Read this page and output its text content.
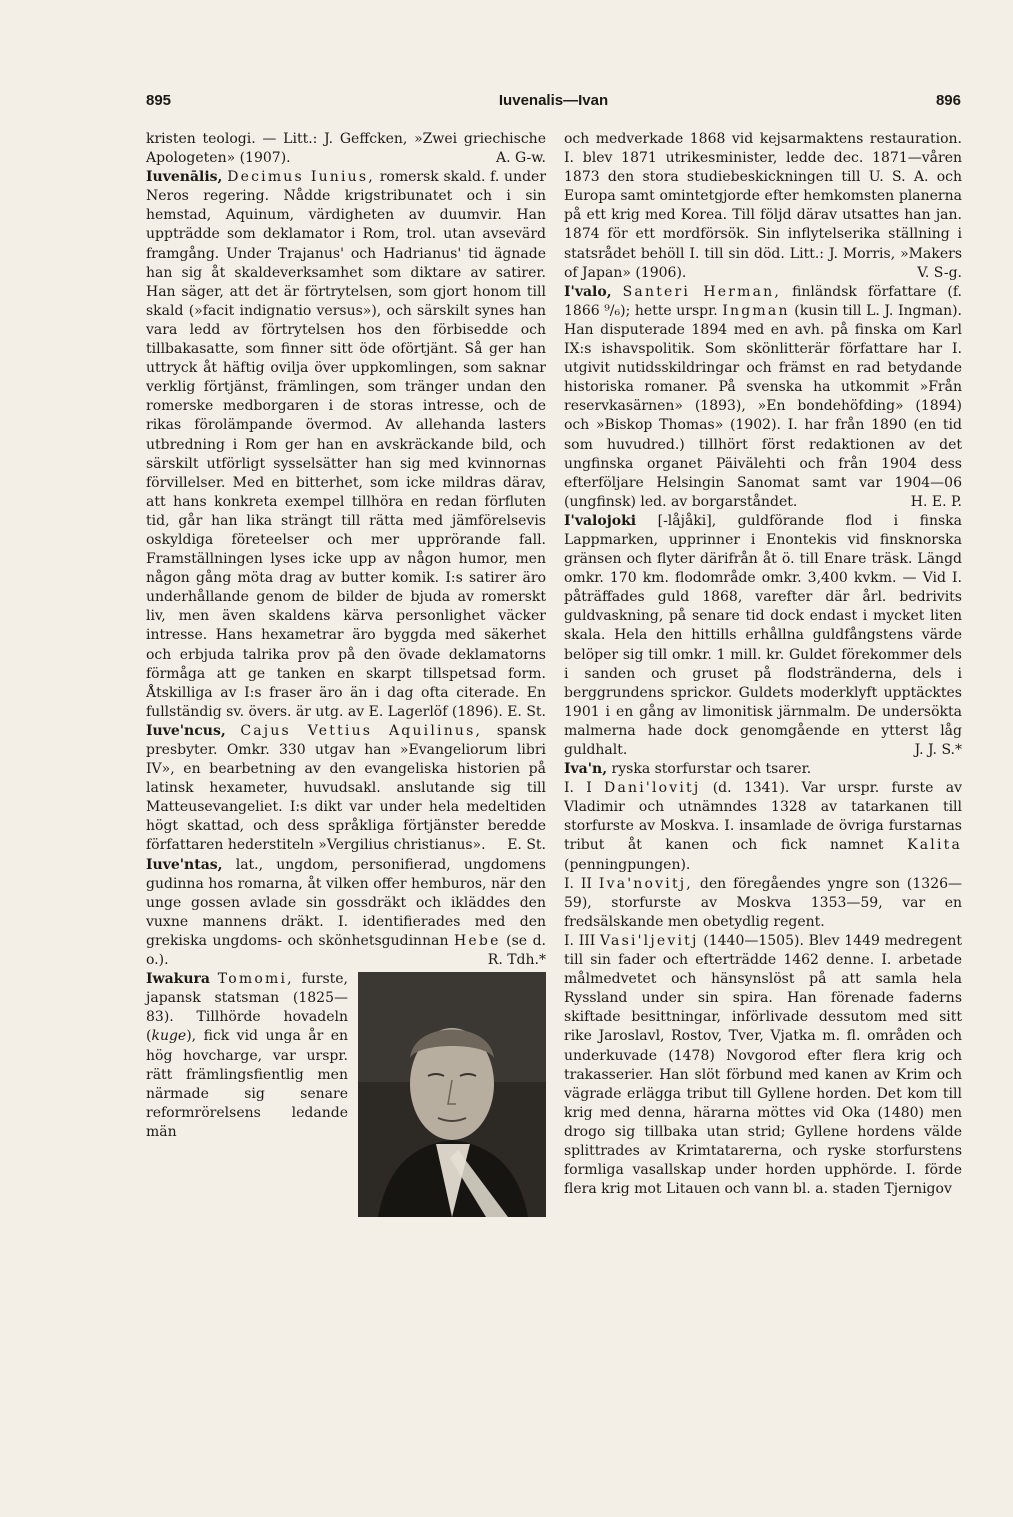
895	Iuvenalis—Ivan	896

kristen teologi. — Litt.: J. Geffcken, »Zwei griechische Apologeten» (1907).	A. G-w.

Iuvenālis, Decimus Iunius, romersk skald. f. under Neros regering. Nådde krigstribunatet och i sin hemstad, Aquinum, värdigheten av duumvir. Han uppträdde som deklamator i Rom, trol. utan avsevärd framgång. Under Trajanus' och Hadrianus' tid ägnade han sig åt skaldeverksamhet som diktare av satirer. Han säger, att det är förtrytelsen, som gjort honom till skald (»facit indignatio versus»), och särskilt synes han vara ledd av förtrytelsen hos den förbisedde och tillbakasatte, som finner sitt öde oförtjänt. Så ger han uttryck åt häftig ovilja över uppkomlingen, som saknar verklig förtjänst, främlingen, som tränger undan den romerske medborgaren i de storas intresse, och de rikas förolämpande övermod. Av allehanda lasters utbredning i Rom ger han en avskräckande bild, och särskilt utförligt sysselsätter han sig med kvinnornas förvillelser. Med en bitterhet, som icke mildras därav, att hans konkreta exempel tillhöra en redan förfluten tid, går han lika strängt till rätta med jämförelsevis oskyldiga företeelser och mer upprörande fall. Framställningen lyses icke upp av någon humor, men någon gång möta drag av butter komik. I:s satirer äro underhållande genom de bilder de bjuda av romerskt liv, men även skaldens kärva personlighet väcker intresse. Hans hexametrar äro byggda med säkerhet och erbjuda talrika prov på den övade deklamatorns förmåga att ge tanken en skarpt tillspetsad form. Åtskilliga av I:s fraser äro än i dag ofta citerade. En fullständig sv. övers. är utg. av E. Lagerlöf (1896). E. St.

Iuve'ncus, Cajus Vettius Aquilinus, spansk presbyter. Omkr. 330 utgav han »Evangeliorum libri IV», en bearbetning av den evangeliska historien på latinsk hexameter, huvudsakl. anslutande sig till Matteusevangeliet. I:s dikt var under hela medeltiden högt skattad, och dess språkliga förtjänster beredde författaren hederstiteln »Vergilius christianus». E. St.

Iuve'ntas, lat., ungdom, personifierad, ungdomens gudinna hos romarna, åt vilken offer hemburos, när den unge gossen avlade sin gossdräkt och ikläddes den vuxne mannens dräkt. I. identifierades med den grekiska ungdoms- och skönhetsgudinnan Hebe (se d. o.).	R. Tdh.*

Iwakura Tomomi, furste, japansk statsman (1825—83). Tillhörde hovadeln (kuge), fick vid unga år en hög hovcharge, var urspr. rätt främlingsfientlig men närmade sig senare reformrörelsens ledande män

och medverkade 1868 vid kejsarmaktens restauration. I. blev 1871 utrikesminister, ledde dec. 1871—våren 1873 den stora studiebeskickningen till U. S. A. och Europa samt omintetgjorde efter hemkomsten planerna på ett krig med Korea. Till följd därav utsattes han jan. 1874 för ett mordförsök. Sin inflytelserika ställning i statsrådet behöll I. till sin död. Litt.: J. Morris, »Makers of Japan» (1906).	V. S-g.

I'valo, Santeri Herman, finländsk författare (f. 1866 ⁹/₆); hette urspr. Ingman (kusin till L. J. Ingman). Han disputerade 1894 med en avh. på finska om Karl IX:s ishavspolitik. Som skönlitterär författare har I. utgivit nutidsskildringar och främst en rad betydande historiska romaner. På svenska ha utkommit »Från reservkasärnen» (1893), »En bondehöfding» (1894) och »Biskop Thomas» (1902). I. har från 1890 (en tid som huvudred.) tillhört först redaktionen av det ungfinska organet Päivälehti och från 1904 dess efterföljare Helsingin Sanomat samt var 1904—06 (ungfinsk) led. av borgarståndet.	H. E. P.

I'valojoki [-låjåki], guldförande flod i finska Lappmarken, upprinner i Enontekis vid finsknorska gränsen och flyter därifrån åt ö. till Enare träsk. Längd omkr. 170 km. flodområde omkr. 3,400 kvkm. — Vid I. påträffades guld 1868, varefter där årl. bedrivits guldvaskning, på senare tid dock endast i mycket liten skala. Hela den hittills erhållna guldfångstens värde belöper sig till omkr. 1 mill. kr. Guldet förekommer dels i sanden och gruset på flodstränderna, dels i berggrundens sprickor. Guldets moderklyft upptäcktes 1901 i en gång av limonitisk järnmalm. De undersökta malmerna hade dock genomgående en ytterst låg guldhalt.	J. J. S.*

Iva'n, ryska storfurstar och tsarer.

I. I Dani'lovitj (d. 1341). Var urspr. furste av Vladimir och utnämndes 1328 av tatarkanen till storfurste av Moskva. I. insamlade de övriga furstarnas tribut åt kanen och fick namnet Kalita (penningpungen).

I. II Iva'novitj, den föregåendes yngre son (1326—59), storfurste av Moskva 1353—59, var en fredsälskande men obetydlig regent.

I. III Vasi'ljevitj (1440—1505). Blev 1449 medregent till sin fader och efterträdde 1462 denne. I. arbetade målmedvetet och hänsynslöst på att samla hela Ryssland under sin spira. Han förenade faderns skiftade besittningar, införlivade dessutom med sitt rike Jaroslavl, Rostov, Tver, Vjatka m. fl. områden och underkuvade (1478) Novgorod efter flera krig och trakasserier. Han slöt förbund med kanen av Krim och vägrade erlägga tribut till Gyllene horden. Det kom till krig med denna, härarna möttes vid Oka (1480) men drogo sig tillbaka utan strid; Gyllene hordens välde splittrades av Krimtatarerna, och ryske storfurstens formliga vasallskap under horden upphörde. I. förde flera krig mot Litauen och vann bl. a. staden Tjernigov
